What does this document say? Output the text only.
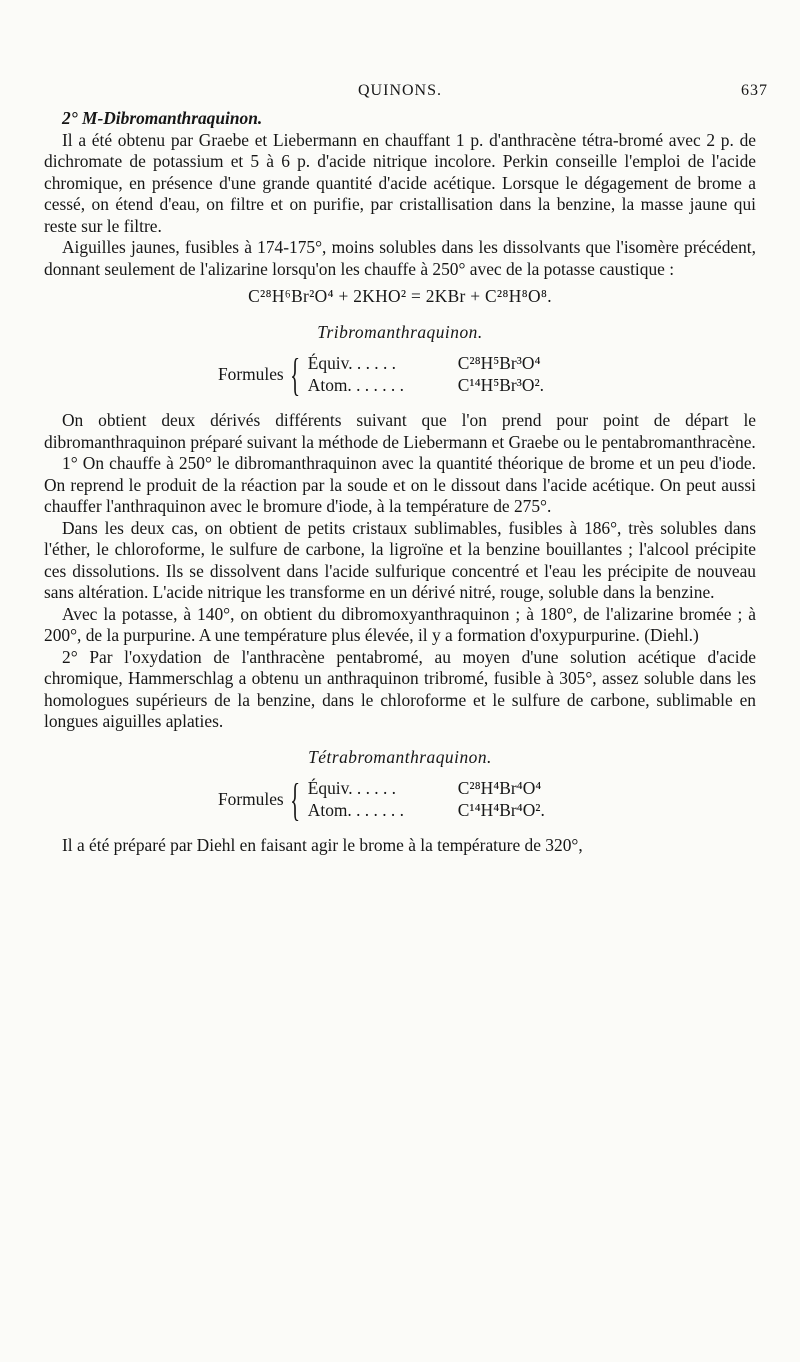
QUINONS.	637
2° M-Dibromanthraquinon.

Il a été obtenu par Graebe et Liebermann en chauffant 1 p. d'anthracène tétra-bromé avec 2 p. de dichromate de potassium et 5 à 6 p. d'acide nitrique incolore. Perkin conseille l'emploi de l'acide chromique, en présence d'une grande quantité d'acide acétique. Lorsque le dégagement de brome a cessé, on étend d'eau, on filtre et on purifie, par cristallisation dans la benzine, la masse jaune qui reste sur le filtre.

Aiguilles jaunes, fusibles à 174-175°, moins solubles dans les dissolvants que l'isomère précédent, donnant seulement de l'alizarine lorsqu'on les chauffe à 250° avec de la potasse caustique :

C²⁸H⁶Br²O⁴ + 2KHO² = 2KBr + C²⁸H⁸O⁸.
Tribromanthraquinon.
Formules { Équiv. . . . . .	C²⁸H⁵Br³O⁴
Atom. . . . . . .	C¹⁴H⁵Br³O².

On obtient deux dérivés différents suivant que l'on prend pour point de départ le dibromanthraquinon préparé suivant la méthode de Liebermann et Graebe ou le pentabromanthracène.

1° On chauffe à 250° le dibromanthraquinon avec la quantité théorique de brome et un peu d'iode. On reprend le produit de la réaction par la soude et on le dissout dans l'acide acétique. On peut aussi chauffer l'anthraquinon avec le bromure d'iode, à la température de 275°.

Dans les deux cas, on obtient de petits cristaux sublimables, fusibles à 186°, très solubles dans l'éther, le chloroforme, le sulfure de carbone, la ligroïne et la benzine bouillantes ; l'alcool précipite ces dissolutions. Ils se dissolvent dans l'acide sulfurique concentré et l'eau les précipite de nouveau sans altération. L'acide nitrique les transforme en un dérivé nitré, rouge, soluble dans la benzine.

Avec la potasse, à 140°, on obtient du dibromoxyanthraquinon ; à 180°, de l'alizarine bromée ; à 200°, de la purpurine. A une température plus élevée, il y a formation d'oxypurpurine. (Diehl.)

2° Par l'oxydation de l'anthracène pentabromé, au moyen d'une solution acétique d'acide chromique, Hammerschlag a obtenu un anthraquinon tribromé, fusible à 305°, assez soluble dans les homologues supérieurs de la benzine, dans le chloroforme et le sulfure de carbone, sublimable en longues aiguilles aplaties.

Tétrabromanthraquinon.
Formules { Équiv. . . . . .	C²⁸H⁴Br⁴O⁴
Atom. . . . . . .	C¹⁴H⁴Br⁴O².

Il a été préparé par Diehl en faisant agir le brome à la température de 320°,
